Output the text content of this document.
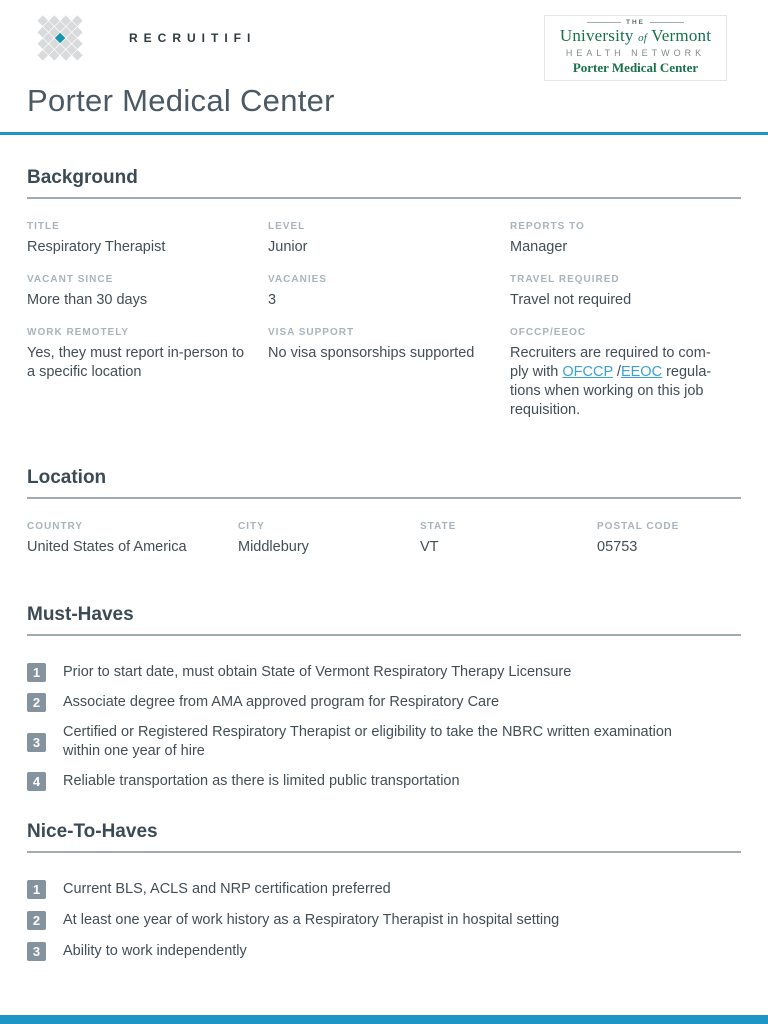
RECRUITIFI
THE
University of Vermont
HEALTH NETWORK
Porter Medical Center
Porter Medical Center
Background
TITLE
Respiratory Therapist
LEVEL
Junior
REPORTS TO
Manager
VACANT SINCE
More than 30 days
VACANIES
3
TRAVEL REQUIRED
Travel not required
WORK REMOTELY
Yes, they must report in-person to
a specific location
VISA SUPPORT
No visa sponsorships supported
OFCCP/EEOC
Recruiters are required to com-
ply with OFCCP /EEOC regula-
tions when working on this job
requisition.
Location
COUNTRY
United States of America
CITY
Middlebury
STATE
VT
POSTAL CODE
05753
Must-Haves
1	Prior to start date, must obtain State of Vermont Respiratory Therapy Licensure
2	Associate degree from AMA approved program for Respiratory Care
3
Certified or Registered Respiratory Therapist or eligibility to take the NBRC written examination
within one year of hire
4	Reliable transportation as there is limited public transportation
Nice-To-Haves
1	Current BLS, ACLS and NRP certification preferred
2	At least one year of work history as a Respiratory Therapist in hospital setting
3	Ability to work independently
